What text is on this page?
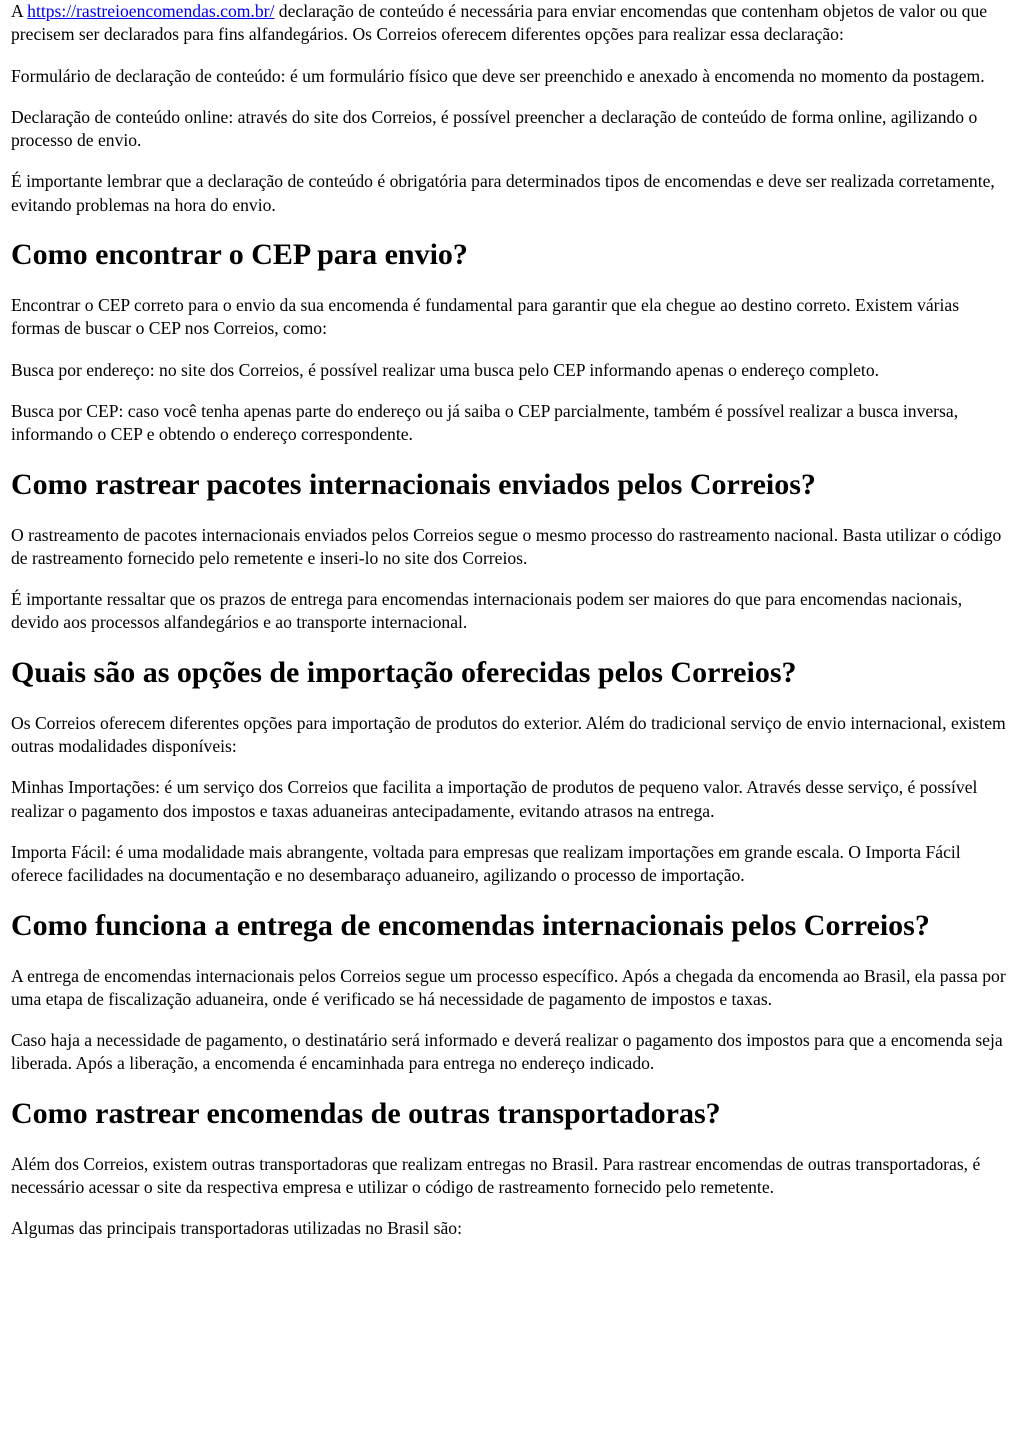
A https://rastreioencomendas.com.br/ declaração de conteúdo é necessária para enviar encomendas que contenham objetos de valor ou que precisem ser declarados para fins alfandegários. Os Correios oferecem diferentes opções para realizar essa declaração:

Formulário de declaração de conteúdo: é um formulário físico que deve ser preenchido e anexado à encomenda no momento da postagem.

Declaração de conteúdo online: através do site dos Correios, é possível preencher a declaração de conteúdo de forma online, agilizando o processo de envio.

É importante lembrar que a declaração de conteúdo é obrigatória para determinados tipos de encomendas e deve ser realizada corretamente, evitando problemas na hora do envio.

Como encontrar o CEP para envio?

Encontrar o CEP correto para o envio da sua encomenda é fundamental para garantir que ela chegue ao destino correto. Existem várias formas de buscar o CEP nos Correios, como:

Busca por endereço: no site dos Correios, é possível realizar uma busca pelo CEP informando apenas o endereço completo.

Busca por CEP: caso você tenha apenas parte do endereço ou já saiba o CEP parcialmente, também é possível realizar a busca inversa, informando o CEP e obtendo o endereço correspondente.

Como rastrear pacotes internacionais enviados pelos Correios?

O rastreamento de pacotes internacionais enviados pelos Correios segue o mesmo processo do rastreamento nacional. Basta utilizar o código de rastreamento fornecido pelo remetente e inseri-lo no site dos Correios.

É importante ressaltar que os prazos de entrega para encomendas internacionais podem ser maiores do que para encomendas nacionais, devido aos processos alfandegários e ao transporte internacional.

Quais são as opções de importação oferecidas pelos Correios?

Os Correios oferecem diferentes opções para importação de produtos do exterior. Além do tradicional serviço de envio internacional, existem outras modalidades disponíveis:

Minhas Importações: é um serviço dos Correios que facilita a importação de produtos de pequeno valor. Através desse serviço, é possível realizar o pagamento dos impostos e taxas aduaneiras antecipadamente, evitando atrasos na entrega.

Importa Fácil: é uma modalidade mais abrangente, voltada para empresas que realizam importações em grande escala. O Importa Fácil oferece facilidades na documentação e no desembaraço aduaneiro, agilizando o processo de importação.

Como funciona a entrega de encomendas internacionais pelos Correios?

A entrega de encomendas internacionais pelos Correios segue um processo específico. Após a chegada da encomenda ao Brasil, ela passa por uma etapa de fiscalização aduaneira, onde é verificado se há necessidade de pagamento de impostos e taxas.

Caso haja a necessidade de pagamento, o destinatário será informado e deverá realizar o pagamento dos impostos para que a encomenda seja liberada. Após a liberação, a encomenda é encaminhada para entrega no endereço indicado.

Como rastrear encomendas de outras transportadoras?

Além dos Correios, existem outras transportadoras que realizam entregas no Brasil. Para rastrear encomendas de outras transportadoras, é necessário acessar o site da respectiva empresa e utilizar o código de rastreamento fornecido pelo remetente.

Algumas das principais transportadoras utilizadas no Brasil são:
